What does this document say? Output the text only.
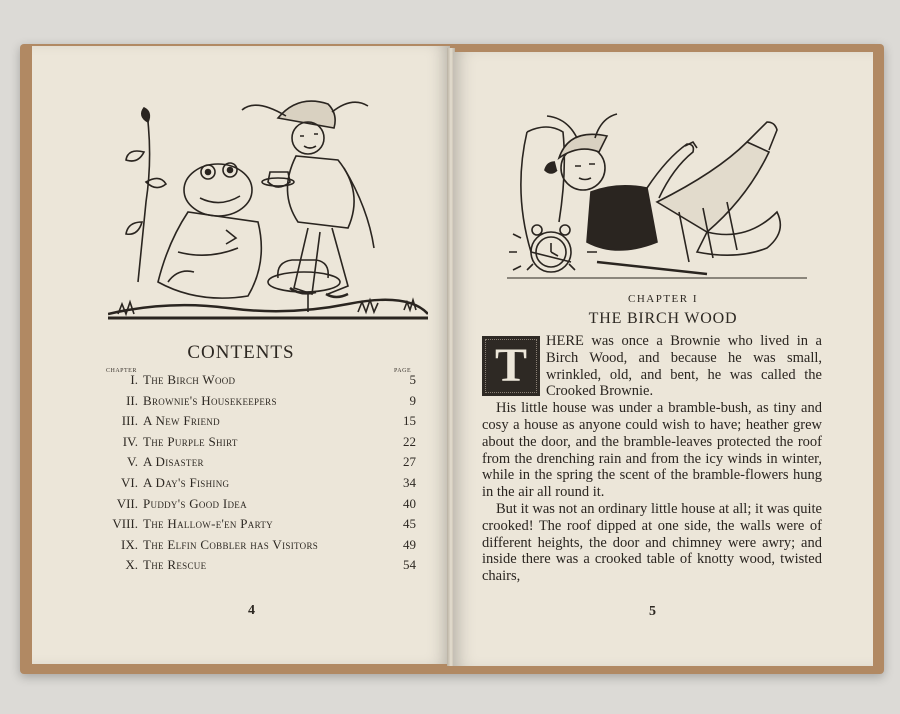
CONTENTS
CHAPTER	PAGE
I. The Birch Wood	5
II. Brownie's Housekeepers	9
III. A New Friend	15
IV. The Purple Shirt	22
V. A Disaster	27
VI. A Day's Fishing	34
VII. Puddy's Good Idea	40
VIII. The Hallow-e'en Party	45
IX. The Elfin Cobbler has Visitors	49
X. The Rescue	54
4
CHAPTER I
THE BIRCH WOOD
T	HERE was once a Brownie who lived in a Birch Wood, and because he was small, wrinkled, old, and bent, he was called the Crooked Brownie.

His little house was under a bramble-bush, as tiny and cosy a house as anyone could wish to have; heather grew about the door, and the bramble-leaves protected the roof from the drenching rain and from the icy winds in winter, while in the spring the scent of the bramble-flowers hung in the air all round it.

But it was not an ordinary little house at all; it was quite crooked! The roof dipped at one side, the walls were of different heights, the door and chimney were awry; and inside there was a crooked table of knotty wood, twisted chairs,

5
